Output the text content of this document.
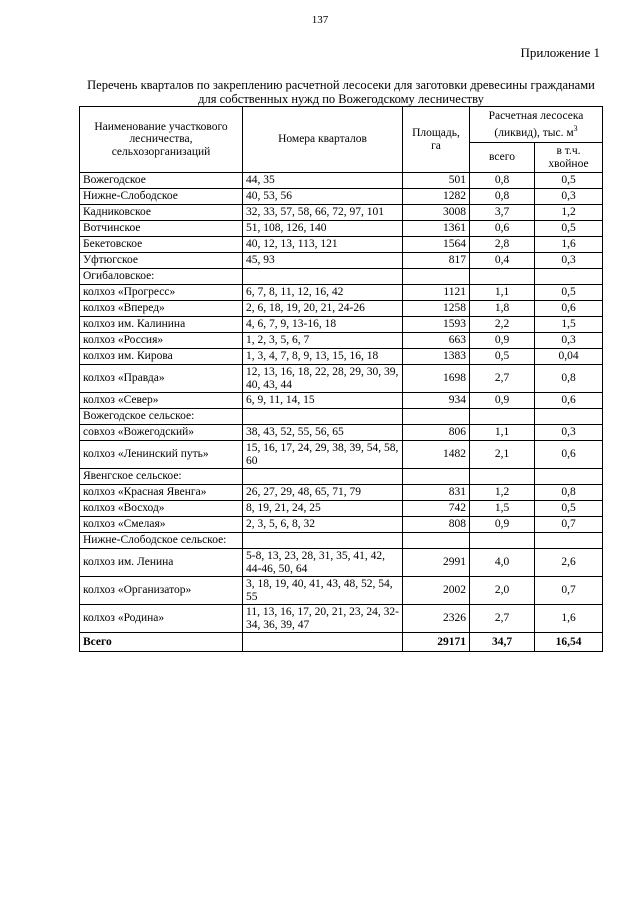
137
Приложение 1
Перечень кварталов по закреплению расчетной лесосеки для заготовки древесины гражданами
для собственных нужд по Вожегодскому лесничеству
Наименование участкового лесничества, сельхозорганизаций	Номера кварталов	Площадь, га	Расчетная лесосека (ликвид), тыс. $м^3$
			всего	в т.ч. хвойное
Вожегодское	44, 35	501	0,8	0,5
Нижне-Слободское	40, 53, 56	1282	0,8	0,3
Кадниковское	32, 33, 57, 58, 66, 72, 97, 101	3008	3,7	1,2
Вотчинское	51, 108, 126, 140	1361	0,6	0,5
Бекетовское	40, 12, 13, 113, 121	1564	2,8	1,6
Уфтюгское	45, 93	817	0,4	0,3
Огибаловское:				
колхоз «Прогресс»	6, 7, 8, 11, 12, 16, 42	1121	1,1	0,5
колхоз «Вперед»	2, 6, 18, 19, 20, 21, 24-26	1258	1,8	0,6
колхоз им. Калинина	4, 6, 7, 9, 13-16, 18	1593	2,2	1,5
колхоз «Россия»	1, 2, 3, 5, 6, 7	663	0,9	0,3
колхоз им. Кирова	1, 3, 4, 7, 8, 9, 13, 15, 16, 18	1383	0,5	0,04
колхоз «Правда»	12, 13, 16, 18, 22, 28, 29, 30, 39, 40, 43, 44	1698	2,7	0,8
колхоз «Север»	6, 9, 11, 14, 15	934	0,9	0,6
Вожегодское сельское:				
совхоз «Вожегодский»	38, 43, 52, 55, 56, 65	806	1,1	0,3
колхоз «Ленинский путь»	15, 16, 17, 24, 29, 38, 39, 54, 58, 60	1482	2,1	0,6
Явенгское сельское:				
колхоз «Красная Явенга»	26, 27, 29, 48, 65, 71, 79	831	1,2	0,8
колхоз «Восход»	8, 19, 21, 24, 25	742	1,5	0,5
колхоз «Смелая»	2, 3, 5, 6, 8, 32	808	0,9	0,7
Нижне-Слободское сельское:				
колхоз им. Ленина	5-8, 13, 23, 28, 31, 35, 41, 42, 44-46, 50, 64	2991	4,0	2,6
колхоз «Организатор»	3, 18, 19, 40, 41, 43, 48, 52, 54, 55	2002	2,0	0,7
колхоз «Родина»	11, 13, 16, 17, 20, 21, 23, 24, 32-34, 36, 39, 47	2326	2,7	1,6
Всего		29171	34,7	16,54
